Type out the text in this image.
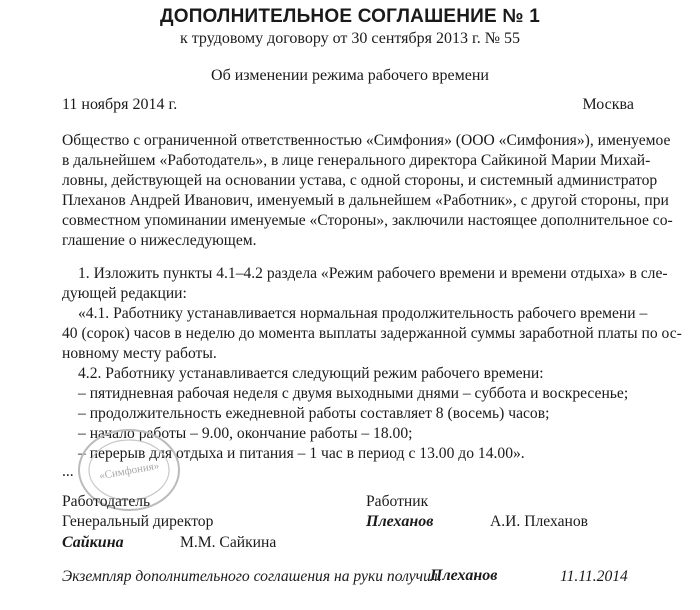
ДОПОЛНИТЕЛЬНОЕ СОГЛАШЕНИЕ № 1
к трудовому договору от 30 сентября 2013 г. № 55
Об изменении режима рабочего времени
11 ноября 2014 г.	Москва
Общество с ограниченной ответственностью «Симфония» (ООО «Симфония»), именуемое
в дальнейшем «Работодатель», в лице генерального директора Сайкиной Марии Михай-
ловны, действующей на основании устава, с одной стороны, и системный администратор
Плеханов Андрей Иванович, именуемый в дальнейшем «Работник», с другой стороны, при
совместном упоминании именуемые «Стороны», заключили настоящее дополнительное со-
глашение о нижеследующем.
1. Изложить пункты 4.1–4.2 раздела «Режим рабочего времени и времени отдыха» в сле-
дующей редакции:
«4.1. Работнику устанавливается нормальная продолжительность рабочего времени –
40 (сорок) часов в неделю до момента выплаты задержанной суммы заработной платы по ос-
новному месту работы.
4.2. Работнику устанавливается следующий режим рабочего времени:
– пятидневная рабочая неделя с двумя выходными днями – суббота и воскресенье;
– продолжительность ежедневной работы составляет 8 (восемь) часов;
– начало работы – 9.00, окончание работы – 18.00;
– перерыв для отдыха и питания – 1 час в период с 13.00 до 14.00».
... «Симфония»
Работодатель
Генеральный директор
Сайкина	М.М. Сайкина
Работник
Плеханов	А.И. Плеханов
Экземпляр дополнительного соглашения на руки получил.
Плеханов	11.11.2014
